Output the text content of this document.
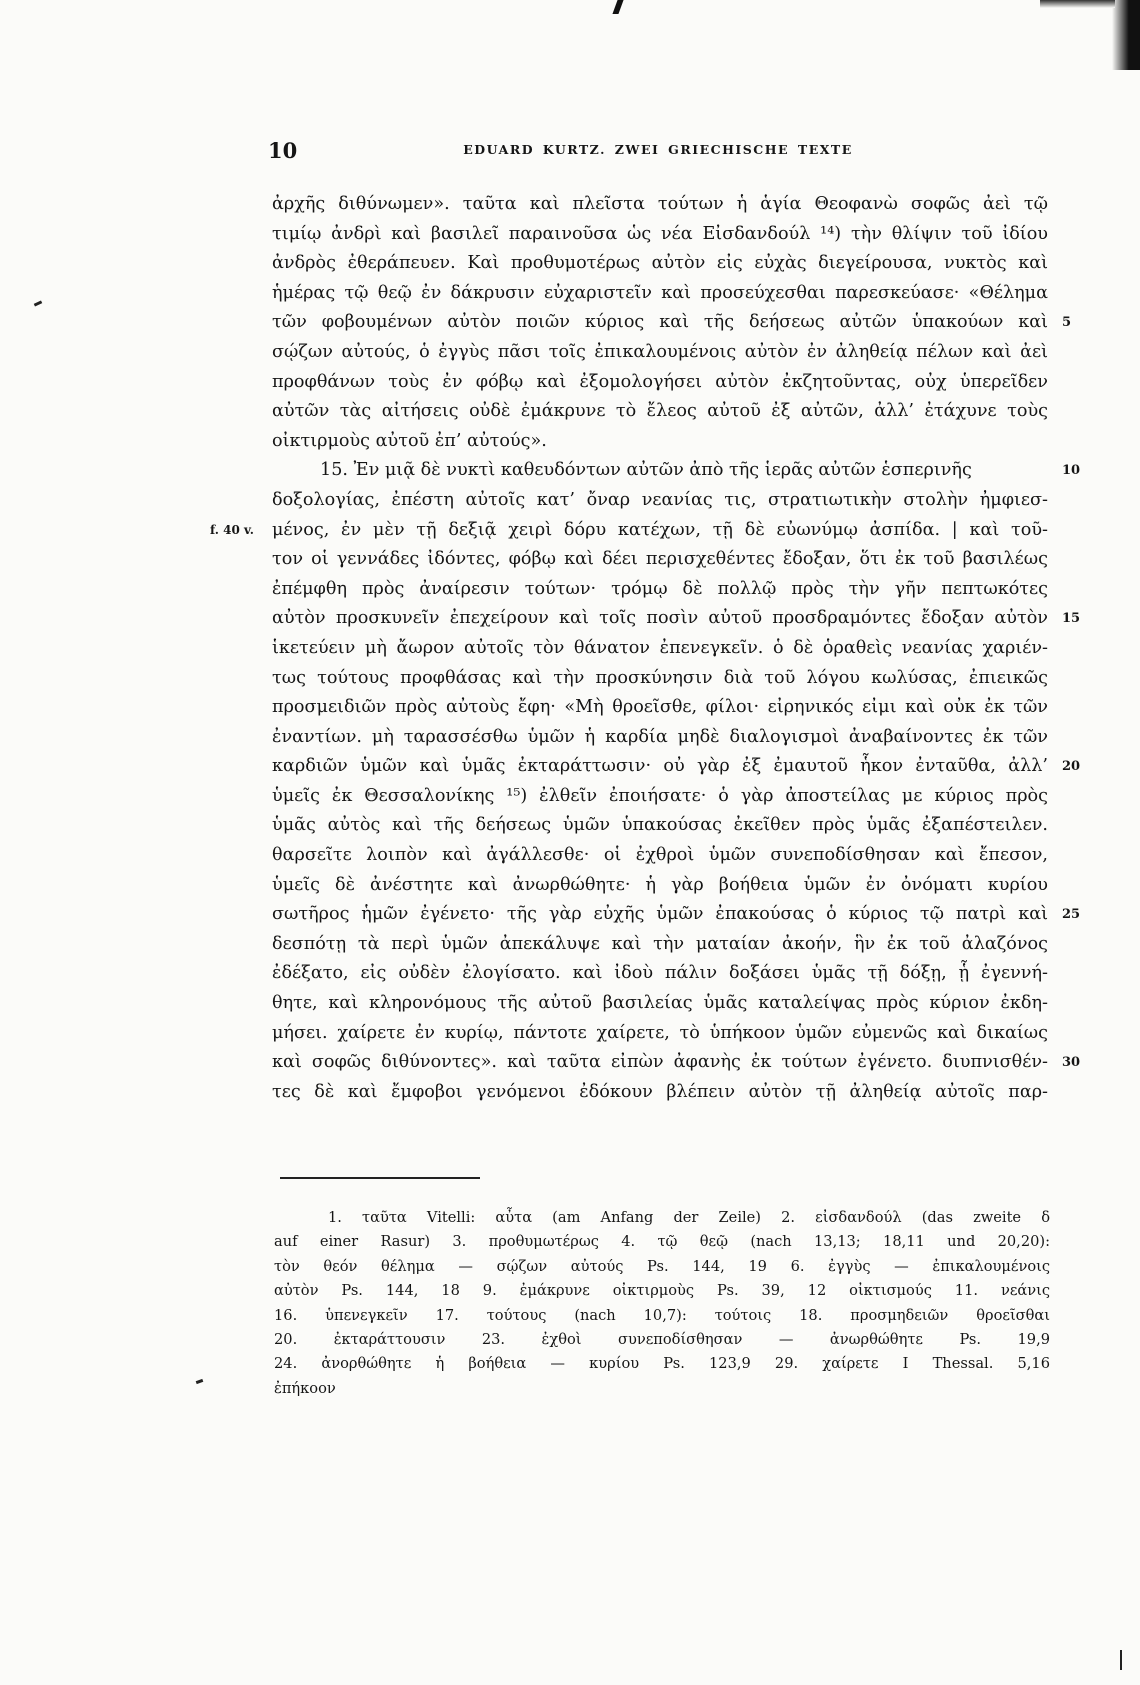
10	EDUARD KURTZ. ZWEI GRIECHISCHE TEXTE
ἀρχῆς διθύνωμεν». ταῦτα καὶ πλεῖστα τούτων ἡ ἁγία Θεοφανὼ σοφῶς ἀεὶ τῷ
τιμίῳ ἀνδρὶ καὶ βασιλεῖ παραινοῦσα ὡς νέα Εἰσδανδούλ ¹⁴) τὴν θλίψιν τοῦ ἰδίου
ἀνδρὸς ἐθεράπευεν. Καὶ προθυμοτέρως αὐτὸν εἰς εὐχὰς διεγείρουσα, νυκτὸς καὶ
ἡμέρας τῷ θεῷ ἐν δάκρυσιν εὐχαριστεῖν καὶ προσεύχεσθαι παρεσκεύασε· «Θέλημα
τῶν φοβουμένων αὐτὸν ποιῶν κύριος καὶ τῆς δεήσεως αὐτῶν ὑπακούων καὶ 5
σῴζων αὐτούς, ὁ ἐγγὺς πᾶσι τοῖς ἐπικαλουμένοις αὐτὸν ἐν ἀληθείᾳ πέλων καὶ ἀεὶ
προφθάνων τοὺς ἐν φόβῳ καὶ ἐξομολογήσει αὐτὸν ἐκζητοῦντας, οὐχ ὑπερεῖδεν
αὐτῶν τὰς αἰτήσεις οὐδὲ ἐμάκρυνε τὸ ἔλεος αὐτοῦ ἐξ αὐτῶν, ἀλλ’ ἐτάχυνε τοὺς
οἰκτιρμοὺς αὐτοῦ ἐπ’ αὐτούς».
15. Ἐν μιᾷ δὲ νυκτὶ καθευδόντων αὐτῶν ἀπὸ τῆς ἱερᾶς αὐτῶν ἑσπερινῆς	10
δοξολογίας, ἐπέστη αὐτοῖς κατ’ ὄναρ νεανίας τις, στρατιωτικὴν στολὴν ἠμφιεσ-
μένος, ἐν μὲν τῇ δεξιᾷ χειρὶ δόρυ κατέχων, τῇ δὲ εὐωνύμῳ ἀσπίδα. | καὶ τοῦ-
f. 40 v.
τον οἱ γεννάδες ἰδόντες, φόβῳ καὶ δέει περισχεθέντες ἔδοξαν, ὅτι ἐκ τοῦ βασιλέως
ἐπέμφθη πρὸς ἀναίρεσιν τούτων· τρόμῳ δὲ πολλῷ πρὸς τὴν γῆν πεπτωκότες
αὐτὸν προσκυνεῖν ἐπεχείρουν καὶ τοῖς ποσὶν αὐτοῦ προσδραμόντες ἔδοξαν αὐτὸν 15
ἱκετεύειν μὴ ἄωρον αὐτοῖς τὸν θάνατον ἐπενεγκεῖν. ὁ δὲ ὁραθεὶς νεανίας χαριέν-
τως τούτους προφθάσας καὶ τὴν προσκύνησιν διὰ τοῦ λόγου κωλύσας, ἐπιεικῶς
προσμειδιῶν πρὸς αὐτοὺς ἔφη· «Μὴ θροεῖσθε, φίλοι· εἰρηνικός εἰμι καὶ οὐκ ἐκ τῶν
ἐναντίων. μὴ ταρασσέσθω ὑμῶν ἡ καρδία μηδὲ διαλογισμοὶ ἀναβαίνοντες ἐκ τῶν
καρδιῶν ὑμῶν καὶ ὑμᾶς ἐκταράττωσιν· οὐ γὰρ ἐξ ἐμαυτοῦ ἧκον ἐνταῦθα, ἀλλ’ 20
ὑμεῖς ἐκ Θεσσαλονίκης ¹⁵) ἐλθεῖν ἐποιήσατε· ὁ γὰρ ἀποστείλας με κύριος πρὸς
ὑμᾶς αὐτὸς καὶ τῆς δεήσεως ὑμῶν ὑπακούσας ἐκεῖθεν πρὸς ὑμᾶς ἐξαπέστειλεν.
θαρσεῖτε λοιπὸν καὶ ἀγάλλεσθε· οἱ ἐχθροὶ ὑμῶν συνεποδίσθησαν καὶ ἔπεσον,
ὑμεῖς δὲ ἀνέστητε καὶ ἀνωρθώθητε· ἡ γὰρ βοήθεια ὑμῶν ἐν ὀνόματι κυρίου
σωτῆρος ἡμῶν ἐγένετο· τῆς γὰρ εὐχῆς ὑμῶν ἐπακούσας ὁ κύριος τῷ πατρὶ καὶ 25
δεσπότῃ τὰ περὶ ὑμῶν ἀπεκάλυψε καὶ τὴν ματαίαν ἀκοήν, ἣν ἐκ τοῦ ἀλαζόνος
ἐδέξατο, εἰς οὐδὲν ἐλογίσατο. καὶ ἰδοὺ πάλιν δοξάσει ὑμᾶς τῇ δόξῃ, ᾗ ἐγεννή-
θητε, καὶ κληρονόμους τῆς αὐτοῦ βασιλείας ὑμᾶς καταλείψας πρὸς κύριον ἐκδη-
μήσει. χαίρετε ἐν κυρίῳ, πάντοτε χαίρετε, τὸ ὑπήκοον ὑμῶν εὐμενῶς καὶ δικαίως
καὶ σοφῶς διθύνοντες». καὶ ταῦτα εἰπὼν ἀφανὴς ἐκ τούτων ἐγένετο. διυπνισθέν- 30
τες δὲ καὶ ἔμφοβοι γενόμενοι ἐδόκουν βλέπειν αὐτὸν τῇ ἀληθείᾳ αὐτοῖς παρ-
1. ταῦτα Vitelli: αὖτα (am Anfang der Zeile) 2. εἰσδανδούλ (das zweite δ
auf einer Rasur) 3. προθυμωτέρως 4. τῷ θεῷ (nach 13,13; 18,11 und 20,20):
τὸν θεόν θέλημα — σῴζων αὐτούς Ps. 144, 19 6. ἐγγὺς — ἐπικαλουμένοις
αὐτὸν Ps. 144, 18 9. ἐμάκρυνε οἰκτιρμοὺς Ps. 39, 12 οἰκτισμούς 11. νεάνις
16. ὑπενεγκεῖν 17. τούτους (nach 10,7): τούτοις 18. προσμηδειῶν θροεῖσθαι
20. ἐκταράττουσιν 23. ἐχθοὶ συνεποδίσθησαν — ἀνωρθώθητε Ps. 19,9
24. ἀνορθώθητε ἡ βοήθεια — κυρίου Ps. 123,9 29. χαίρετε I Thessal. 5,16
ἐπήκοον
